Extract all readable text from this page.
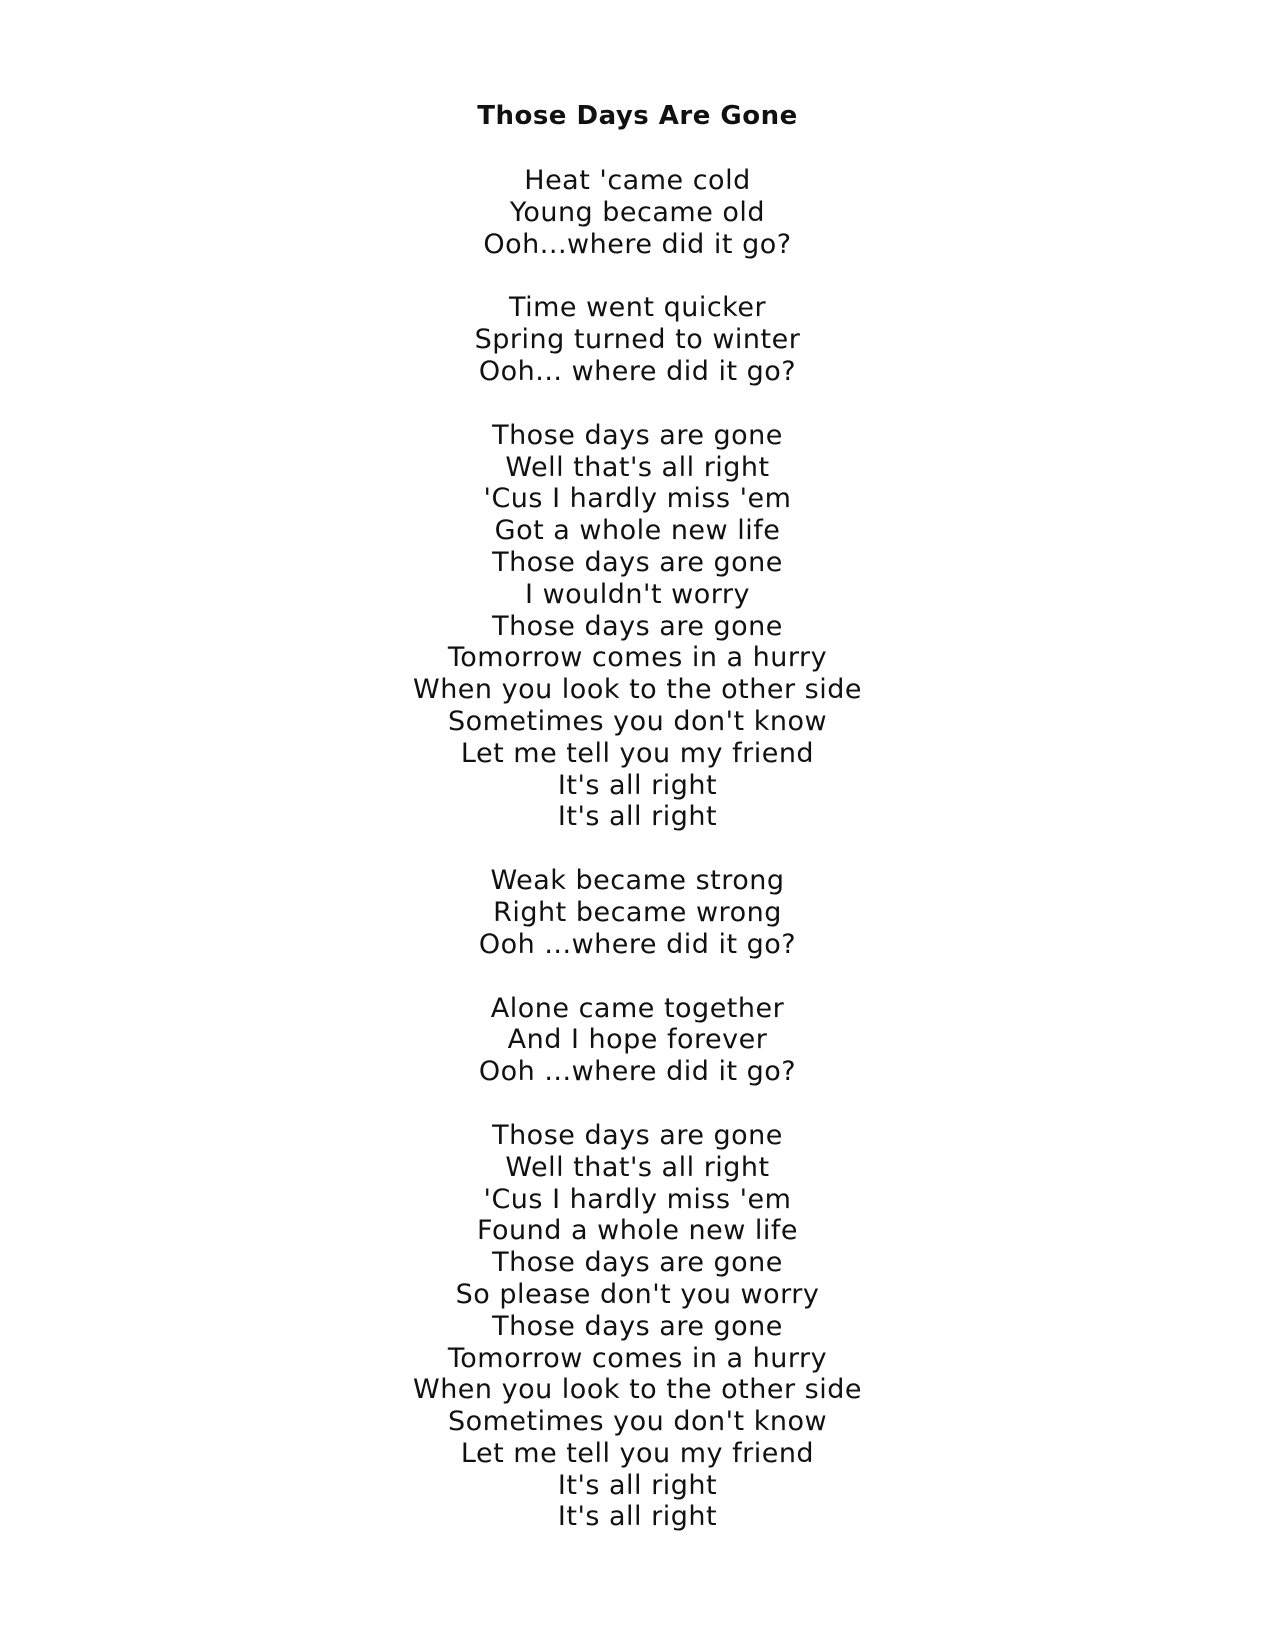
Those Days Are Gone
Heat 'came cold
Young became old
Ooh...where did it go?
Time went quicker
Spring turned to winter
Ooh... where did it go?
Those days are gone
Well that's all right
'Cus I hardly miss 'em
Got a whole new life
Those days are gone
I wouldn't worry
Those days are gone
Tomorrow comes in a hurry
When you look to the other side
Sometimes you don't know
Let me tell you my friend
It's all right
It's all right
Weak became strong
Right became wrong
Ooh ...where did it go?
Alone came together
And I hope forever
Ooh ...where did it go?
Those days are gone
Well that's all right
'Cus I hardly miss 'em
Found a whole new life
Those days are gone
So please don't you worry
Those days are gone
Tomorrow comes in a hurry
When you look to the other side
Sometimes you don't know
Let me tell you my friend
It's all right
It's all right
